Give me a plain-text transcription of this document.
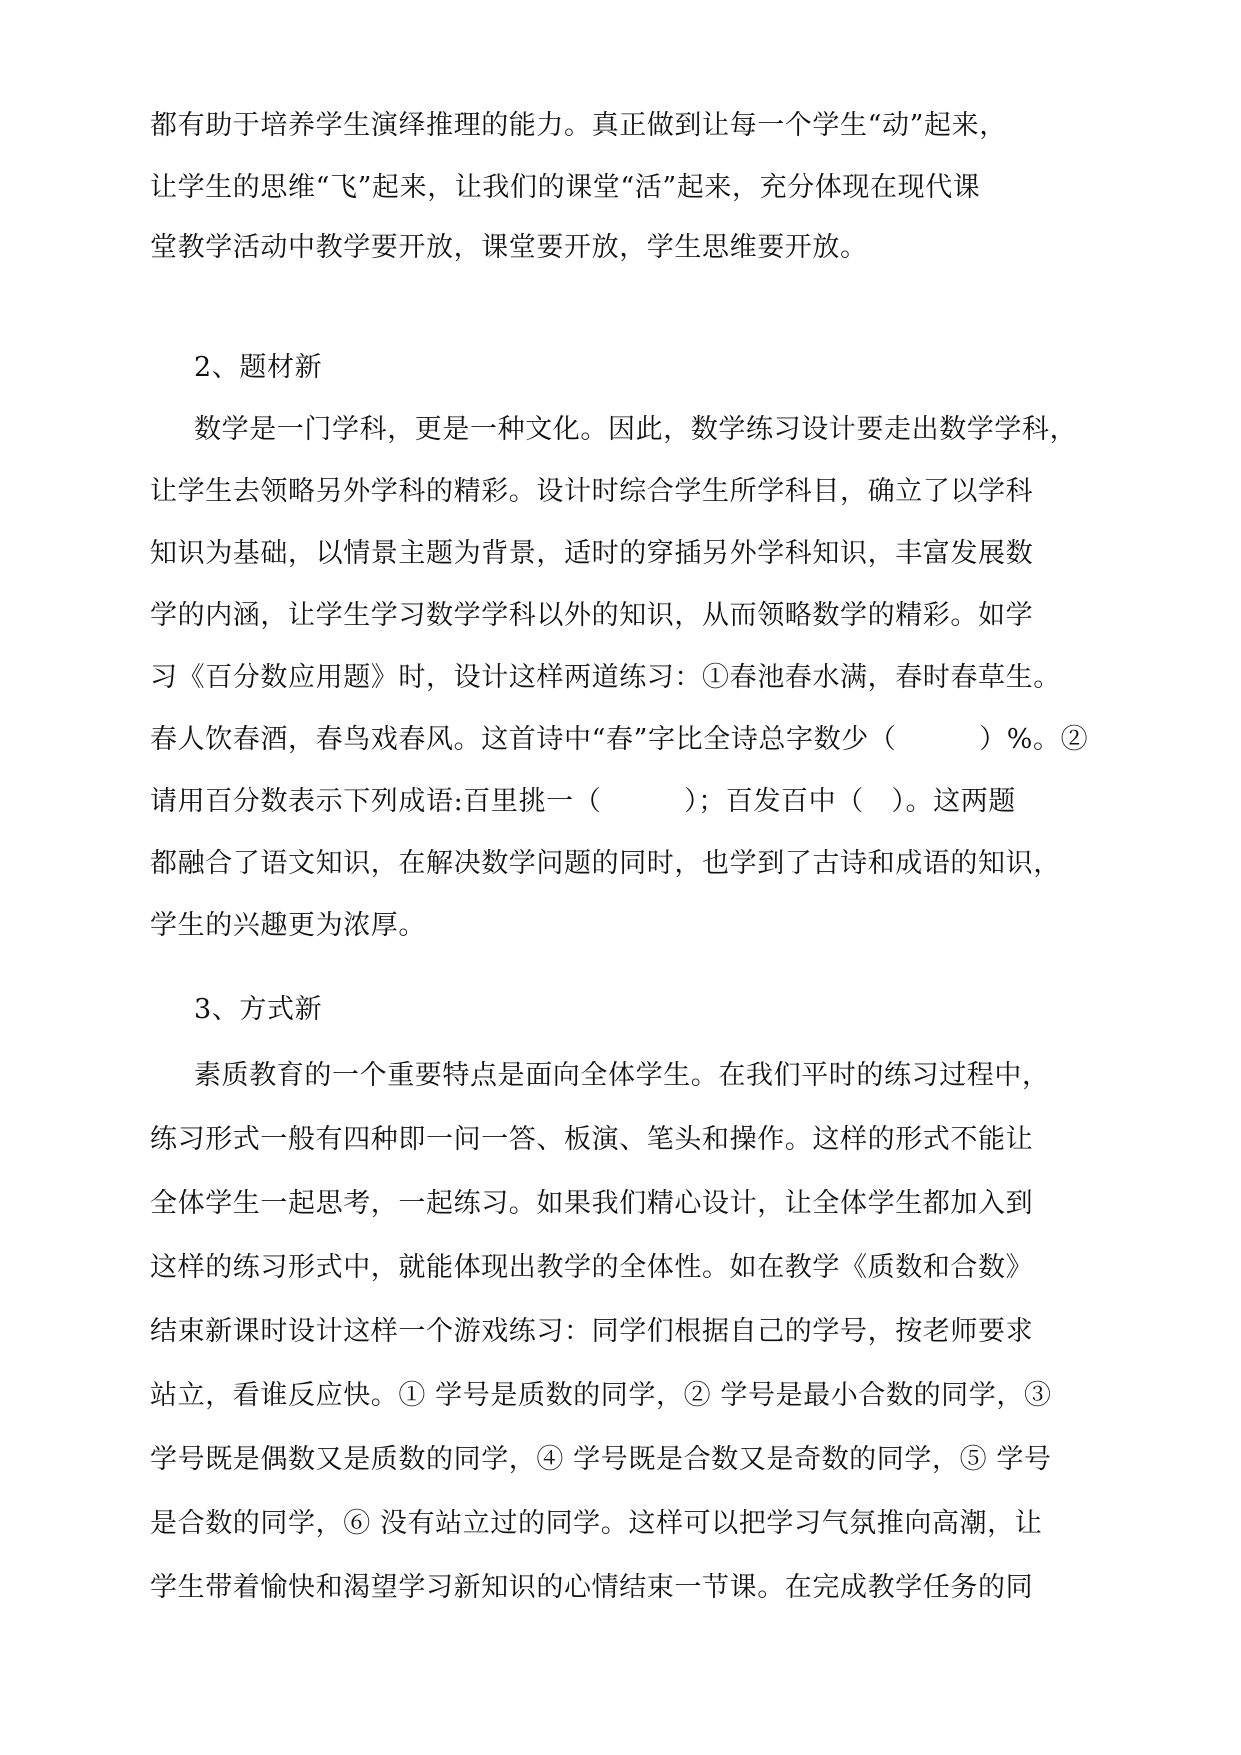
都有助于培养学生演绎推理的能力。真正做到让每一个学生“动”起来，
让学生的思维“飞”起来，让我们的课堂“活”起来，充分体现在现代课
堂教学活动中教学要开放，课堂要开放，学生思维要开放。
2、题材新
数学是一门学科，更是一种文化。因此，数学练习设计要走出数学学科，
让学生去领略另外学科的精彩。设计时综合学生所学科目，确立了以学科
知识为基础，以情景主题为背景，适时的穿插另外学科知识，丰富发展数
学的内涵，让学生学习数学学科以外的知识，从而领略数学的精彩。如学
习《百分数应用题》时，设计这样两道练习：①春池春水满，春时春草生。
春人饮春酒，春鸟戏春风。这首诗中“春”字比全诗总字数少（　　　）%。②
请用百分数表示下列成语:百里挑一（　　　）；百发百中（　）。这两题
都融合了语文知识，在解决数学问题的同时，也学到了古诗和成语的知识，
学生的兴趣更为浓厚。
3、方式新
素质教育的一个重要特点是面向全体学生。在我们平时的练习过程中，
练习形式一般有四种即一问一答、板演、笔头和操作。这样的形式不能让
全体学生一起思考，一起练习。如果我们精心设计，让全体学生都加入到
这样的练习形式中，就能体现出教学的全体性。如在教学《质数和合数》
结束新课时设计这样一个游戏练习：同学们根据自己的学号，按老师要求
站立，看谁反应快。① 学号是质数的同学，② 学号是最小合数的同学，③
学号既是偶数又是质数的同学，④ 学号既是合数又是奇数的同学，⑤ 学号
是合数的同学，⑥ 没有站立过的同学。这样可以把学习气氛推向高潮，让
学生带着愉快和渴望学习新知识的心情结束一节课。在完成教学任务的同
